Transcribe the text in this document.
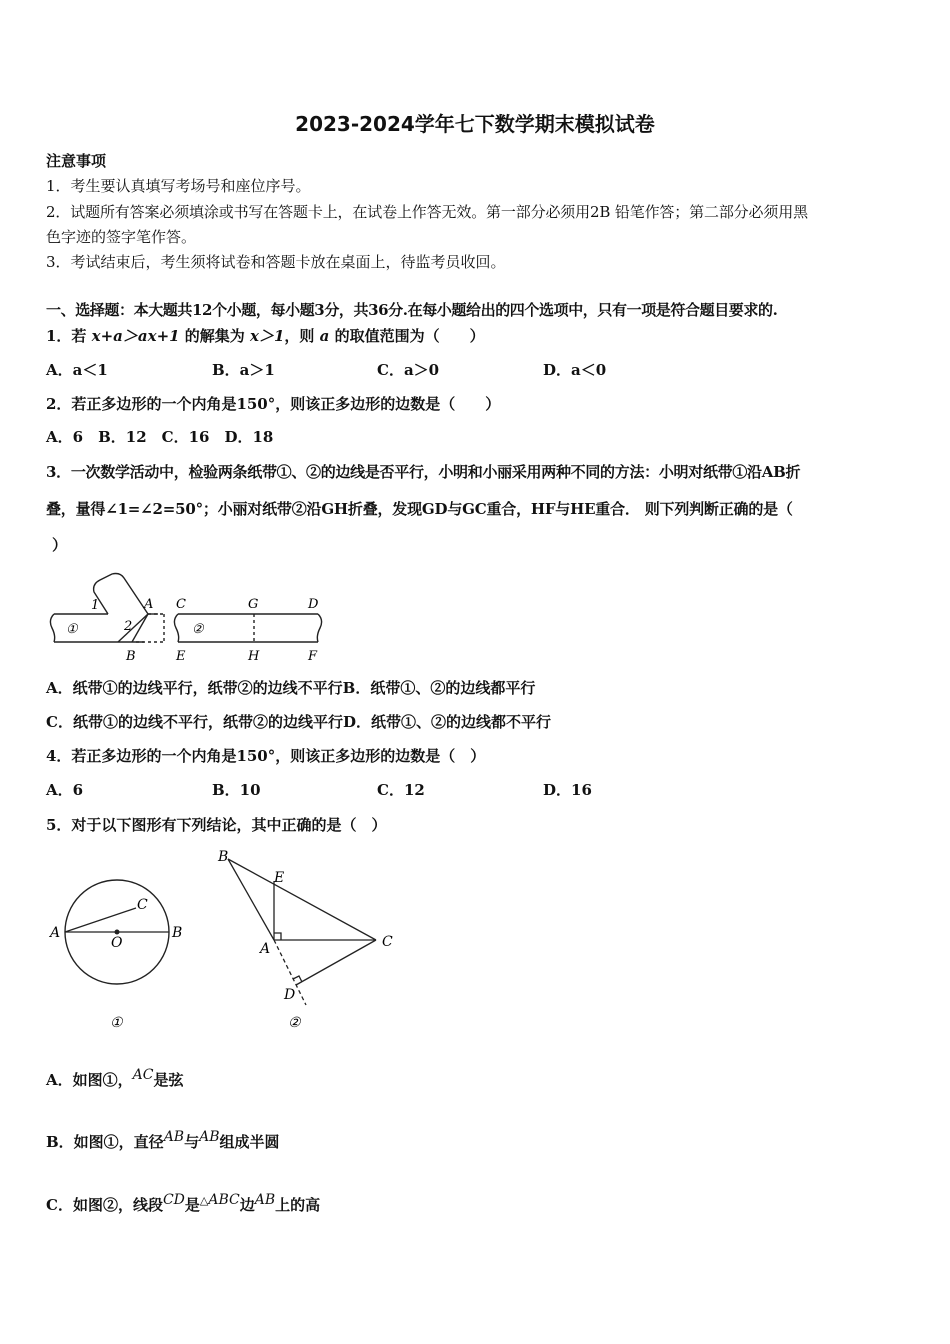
2023-2024学年七下数学期末模拟试卷
注意事项
1．考生要认真填写考场号和座位序号。
2．试题所有答案必须填涂或书写在答题卡上，在试卷上作答无效。第一部分必须用2B 铅笔作答；第二部分必须用黑
色字迹的签字笔作答。
3．考试结束后，考生须将试卷和答题卡放在桌面上，待监考员收回。
一、选择题：本大题共12个小题，每小题3分，共36分.在每小题给出的四个选项中，只有一项是符合题目要求的.
1．若 x+a＞ax+1 的解集为 x＞1，则 a 的取值范围为（　　）
A．a＜1	B．a＞1	C．a＞0	D．a＜0
2．若正多边形的一个内角是150°，则该正多边形的边数是（　　）
A．6　B．12　C．16　D．18
3．一次数学活动中，检验两条纸带①、②的边线是否平行，小明和小丽采用两种不同的方法：小明对纸带①沿AB折
叠，量得∠1=∠2=50°；小丽对纸带②沿GH折叠，发现GD与GC重合，HF与HE重合． 则下列判断正确的是（
）
1
2
A
B
①
C	G	D
②
E	H	F
A．纸带①的边线平行，纸带②的边线不平行B．纸带①、②的边线都平行
C．纸带①的边线不平行，纸带②的边线平行D．纸带①、②的边线都不平行
4．若正多边形的一个内角是150°，则该正多边形的边数是（　）
A．6	B．10	C．12	D．16
5．对于以下图形有下列结论，其中正确的是（　）
A	B
C
O
①
B
E
A	C
D
②
A．如图①，AC是弦
B．如图①，直径AB与AB组成半圆
C．如图②，线段CD是△ABC边AB上的高
